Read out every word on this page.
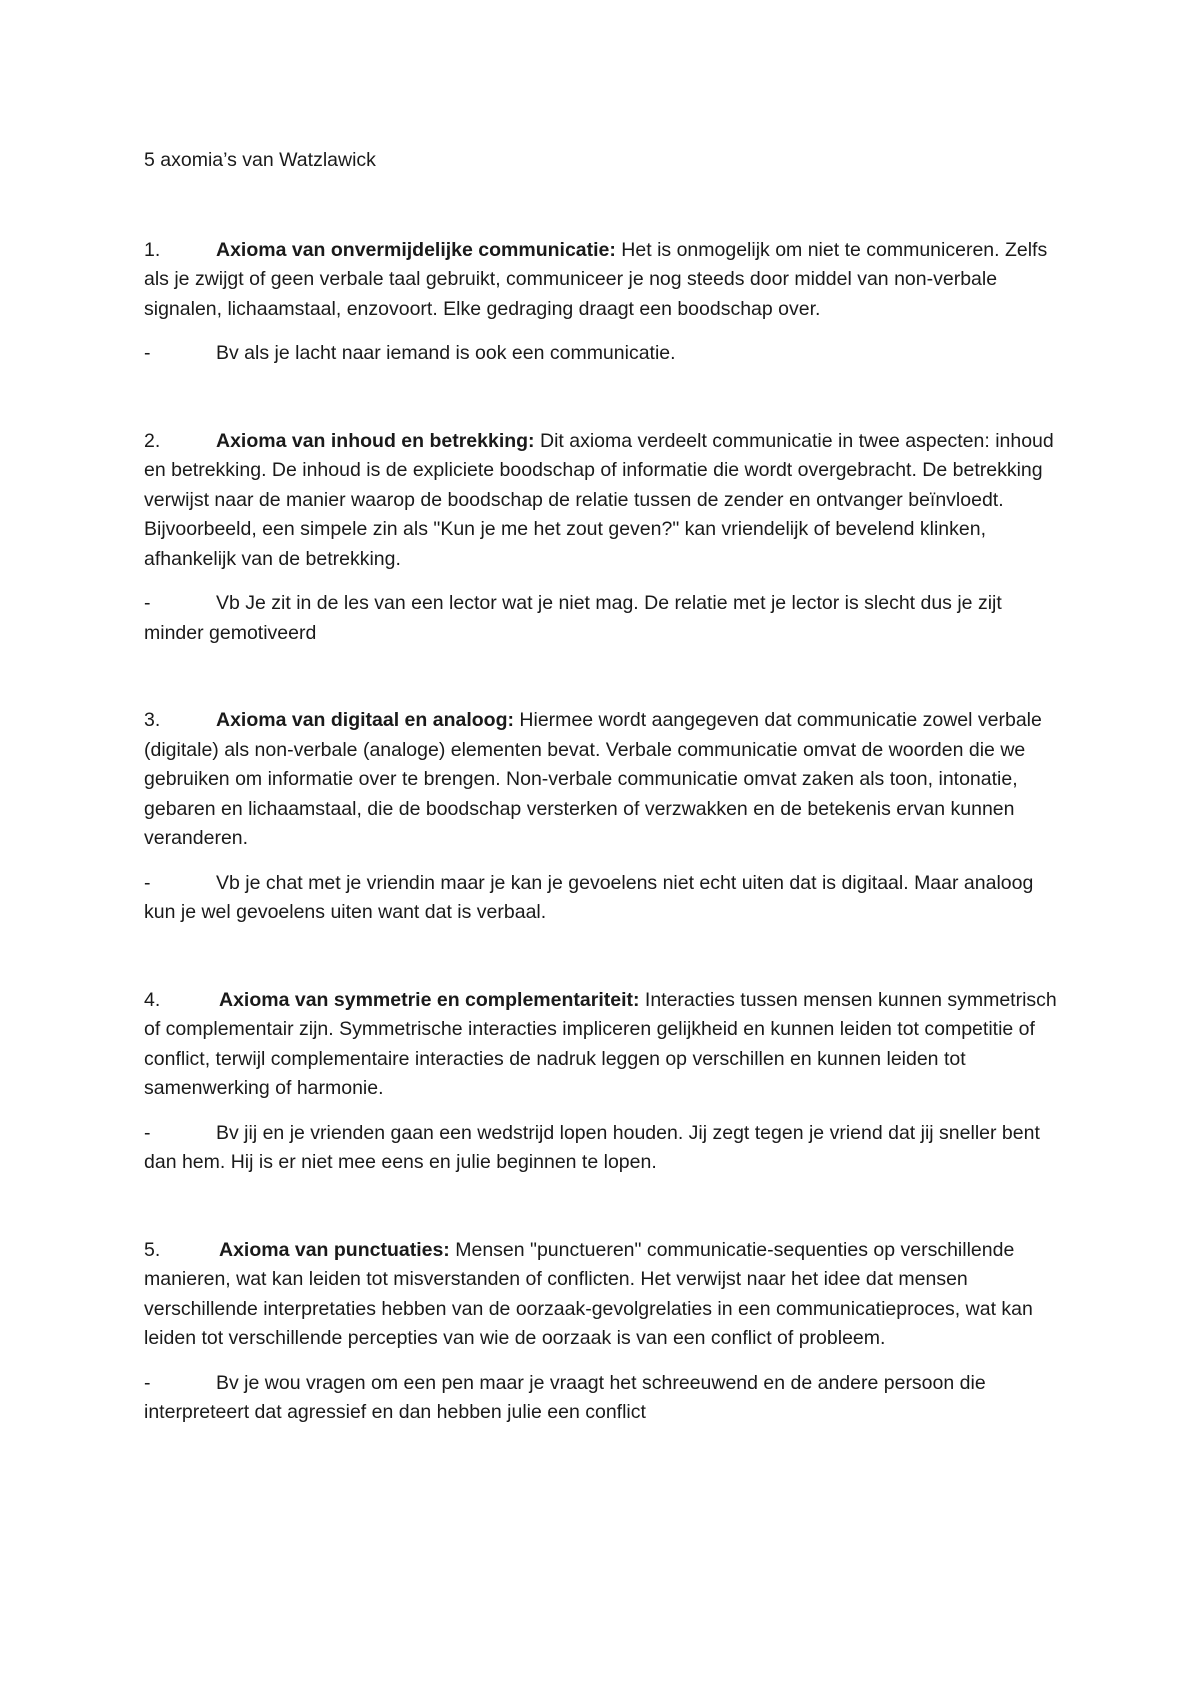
5 axomia’s van Watzlawick

1.	Axioma van onvermijdelijke communicatie: Het is onmogelijk om niet te communiceren. Zelfs als je zwijgt of geen verbale taal gebruikt, communiceer je nog steeds door middel van non-verbale signalen, lichaamstaal, enzovoort. Elke gedraging draagt een boodschap over.

-	Bv als je lacht naar iemand is ook een communicatie.

2.	Axioma van inhoud en betrekking: Dit axioma verdeelt communicatie in twee aspecten: inhoud en betrekking. De inhoud is de expliciete boodschap of informatie die wordt overgebracht. De betrekking verwijst naar de manier waarop de boodschap de relatie tussen de zender en ontvanger beïnvloedt. Bijvoorbeeld, een simpele zin als "Kun je me het zout geven?" kan vriendelijk of bevelend klinken, afhankelijk van de betrekking.

-	Vb Je zit in de les van een lector wat je niet mag. De relatie met je lector is slecht dus je zijt minder gemotiveerd

3.	Axioma van digitaal en analoog: Hiermee wordt aangegeven dat communicatie zowel verbale (digitale) als non-verbale (analoge) elementen bevat. Verbale communicatie omvat de woorden die we gebruiken om informatie over te brengen. Non-verbale communicatie omvat zaken als toon, intonatie, gebaren en lichaamstaal, die de boodschap versterken of verzwakken en de betekenis ervan kunnen veranderen.

-	Vb je chat met je vriendin maar je kan je gevoelens niet echt uiten dat is digitaal. Maar analoog kun je wel gevoelens uiten want dat is verbaal.

4.	Axioma van symmetrie en complementariteit: Interacties tussen mensen kunnen symmetrisch of complementair zijn. Symmetrische interacties impliceren gelijkheid en kunnen leiden tot competitie of conflict, terwijl complementaire interacties de nadruk leggen op verschillen en kunnen leiden tot samenwerking of harmonie.

-	Bv jij en je vrienden gaan een wedstrijd lopen houden. Jij zegt tegen je vriend dat jij sneller bent dan hem. Hij is er niet mee eens en julie beginnen te lopen.

5.	Axioma van punctuaties: Mensen "punctueren" communicatie-sequenties op verschillende manieren, wat kan leiden tot misverstanden of conflicten. Het verwijst naar het idee dat mensen verschillende interpretaties hebben van de oorzaak-gevolgrelaties in een communicatieproces, wat kan leiden tot verschillende percepties van wie de oorzaak is van een conflict of probleem.

-	Bv je wou vragen om een pen maar je vraagt het schreeuwend en de andere persoon die interpreteert dat agressief en dan hebben julie een conflict
